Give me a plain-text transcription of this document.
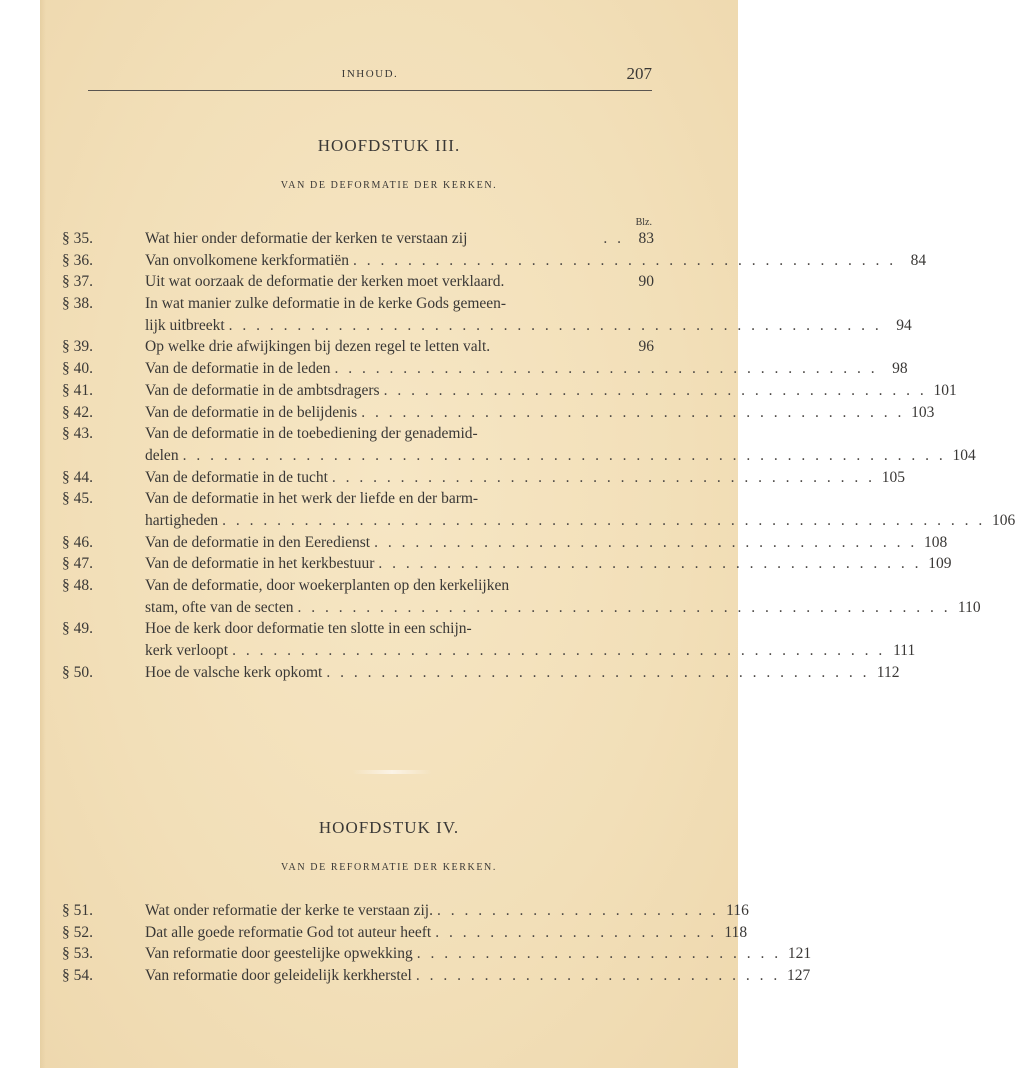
INHOUD.	207
HOOFDSTUK III.
VAN DE DEFORMATIE DER KERKEN.
Blz.
§ 35.	Wat hier onder deformatie der kerken te verstaan zij	. . 83
§ 36.	Van onvolkomene kerkformatiën . . . . . . . . . . . . . . . . . . . . . . . . . . . . . . . . . . . . . . . . 84
§ 37.	Uit wat oorzaak de deformatie der kerken moet verklaard.	90
§ 38.	In wat manier zulke deformatie in de kerke Gods gemeen-
lijk uitbreekt . . . . . . . . . . . . . . . . . . . . . . . . . . . . . . . . . . . . . . . . . . . . . . . . 94
§ 39.	Op welke drie afwijkingen bij dezen regel te letten valt.	96
§ 40.	Van de deformatie in de leden . . . . . . . . . . . . . . . . . . . . . . . . . . . . . . . . . . . . . . . . 98
§ 41.	Van de deformatie in de ambtsdragers . . . . . . . . . . . . . . . . . . . . . . . . . . . . . . . . . . . . . . . . 101
§ 42.	Van de deformatie in de belijdenis . . . . . . . . . . . . . . . . . . . . . . . . . . . . . . . . . . . . . . . . 103
§ 43.	Van de deformatie in de toebediening der genademid-
delen . . . . . . . . . . . . . . . . . . . . . . . . . . . . . . . . . . . . . . . . . . . . . . . . . . . . . . . . 104
§ 44.	Van de deformatie in de tucht . . . . . . . . . . . . . . . . . . . . . . . . . . . . . . . . . . . . . . . . 105
§ 45.	Van de deformatie in het werk der liefde en der barm-
hartigheden . . . . . . . . . . . . . . . . . . . . . . . . . . . . . . . . . . . . . . . . . . . . . . . . . . . . . . . . 106
§ 46.	Van de deformatie in den Eeredienst . . . . . . . . . . . . . . . . . . . . . . . . . . . . . . . . . . . . . . . . 108
§ 47.	Van de deformatie in het kerkbestuur . . . . . . . . . . . . . . . . . . . . . . . . . . . . . . . . . . . . . . . . 109
§ 48.	Van de deformatie, door woekerplanten op den kerkelijken
stam, ofte van de secten . . . . . . . . . . . . . . . . . . . . . . . . . . . . . . . . . . . . . . . . . . . . . . . . 110
§ 49.	Hoe de kerk door deformatie ten slotte in een schijn-
kerk verloopt . . . . . . . . . . . . . . . . . . . . . . . . . . . . . . . . . . . . . . . . . . . . . . . . 111
§ 50.	Hoe de valsche kerk opkomt . . . . . . . . . . . . . . . . . . . . . . . . . . . . . . . . . . . . . . . . 112
HOOFDSTUK IV.
VAN DE REFORMATIE DER KERKEN.
§ 51.	Wat onder reformatie der kerke te verstaan zij. . . . . . . . . . . . . . . . . . . . . . 116
§ 52.	Dat alle goede reformatie God tot auteur heeft . . . . . . . . . . . . . . . . . . . . . 118
§ 53.	Van reformatie door geestelijke opwekking . . . . . . . . . . . . . . . . . . . . . . . . . . . 121
§ 54.	Van reformatie door geleidelijk kerkherstel . . . . . . . . . . . . . . . . . . . . . . . . . . . 127
